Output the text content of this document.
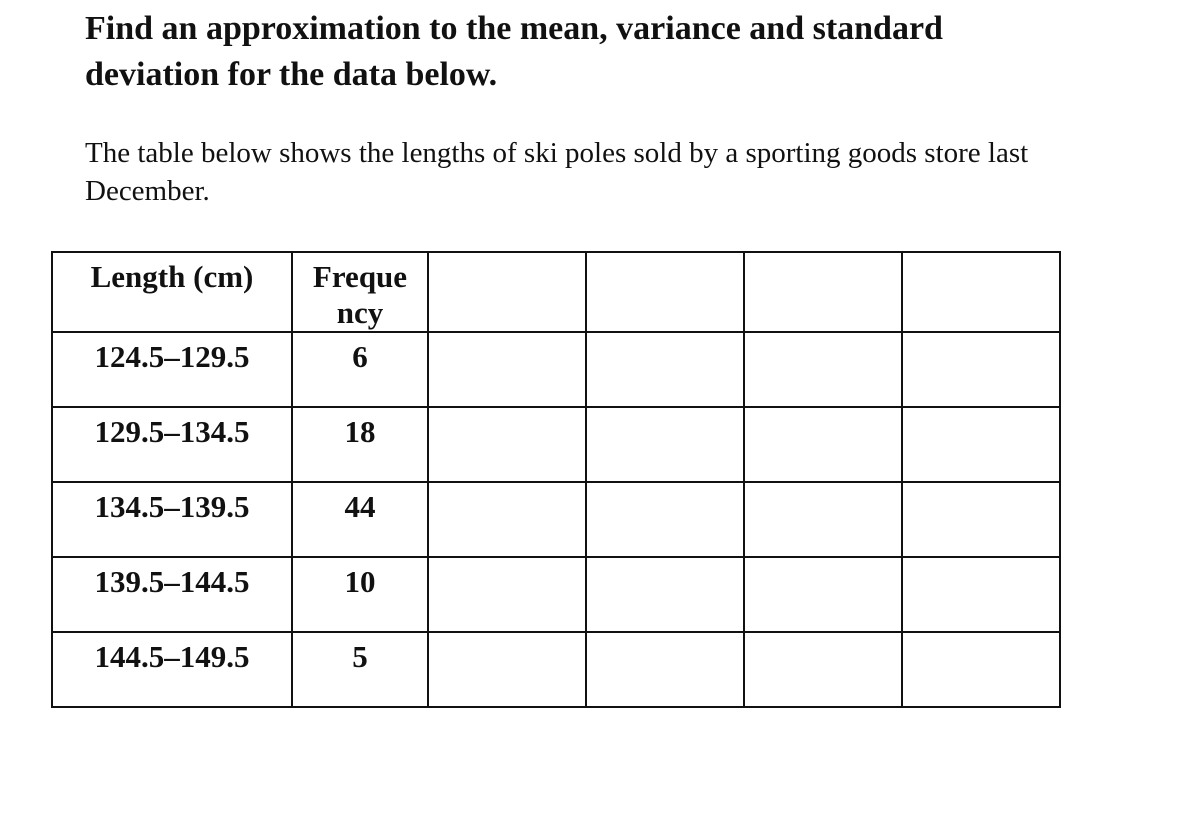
Find an approximation to the mean, variance and standard
deviation for the data below.

The table below shows the lengths of ski poles sold by a sporting goods store last
December.

Length (cm)	Freque
ncy				

124.5–129.5	6				
129.5–134.5	18				
134.5–139.5	44				
139.5–144.5	10				
144.5–149.5	5				
